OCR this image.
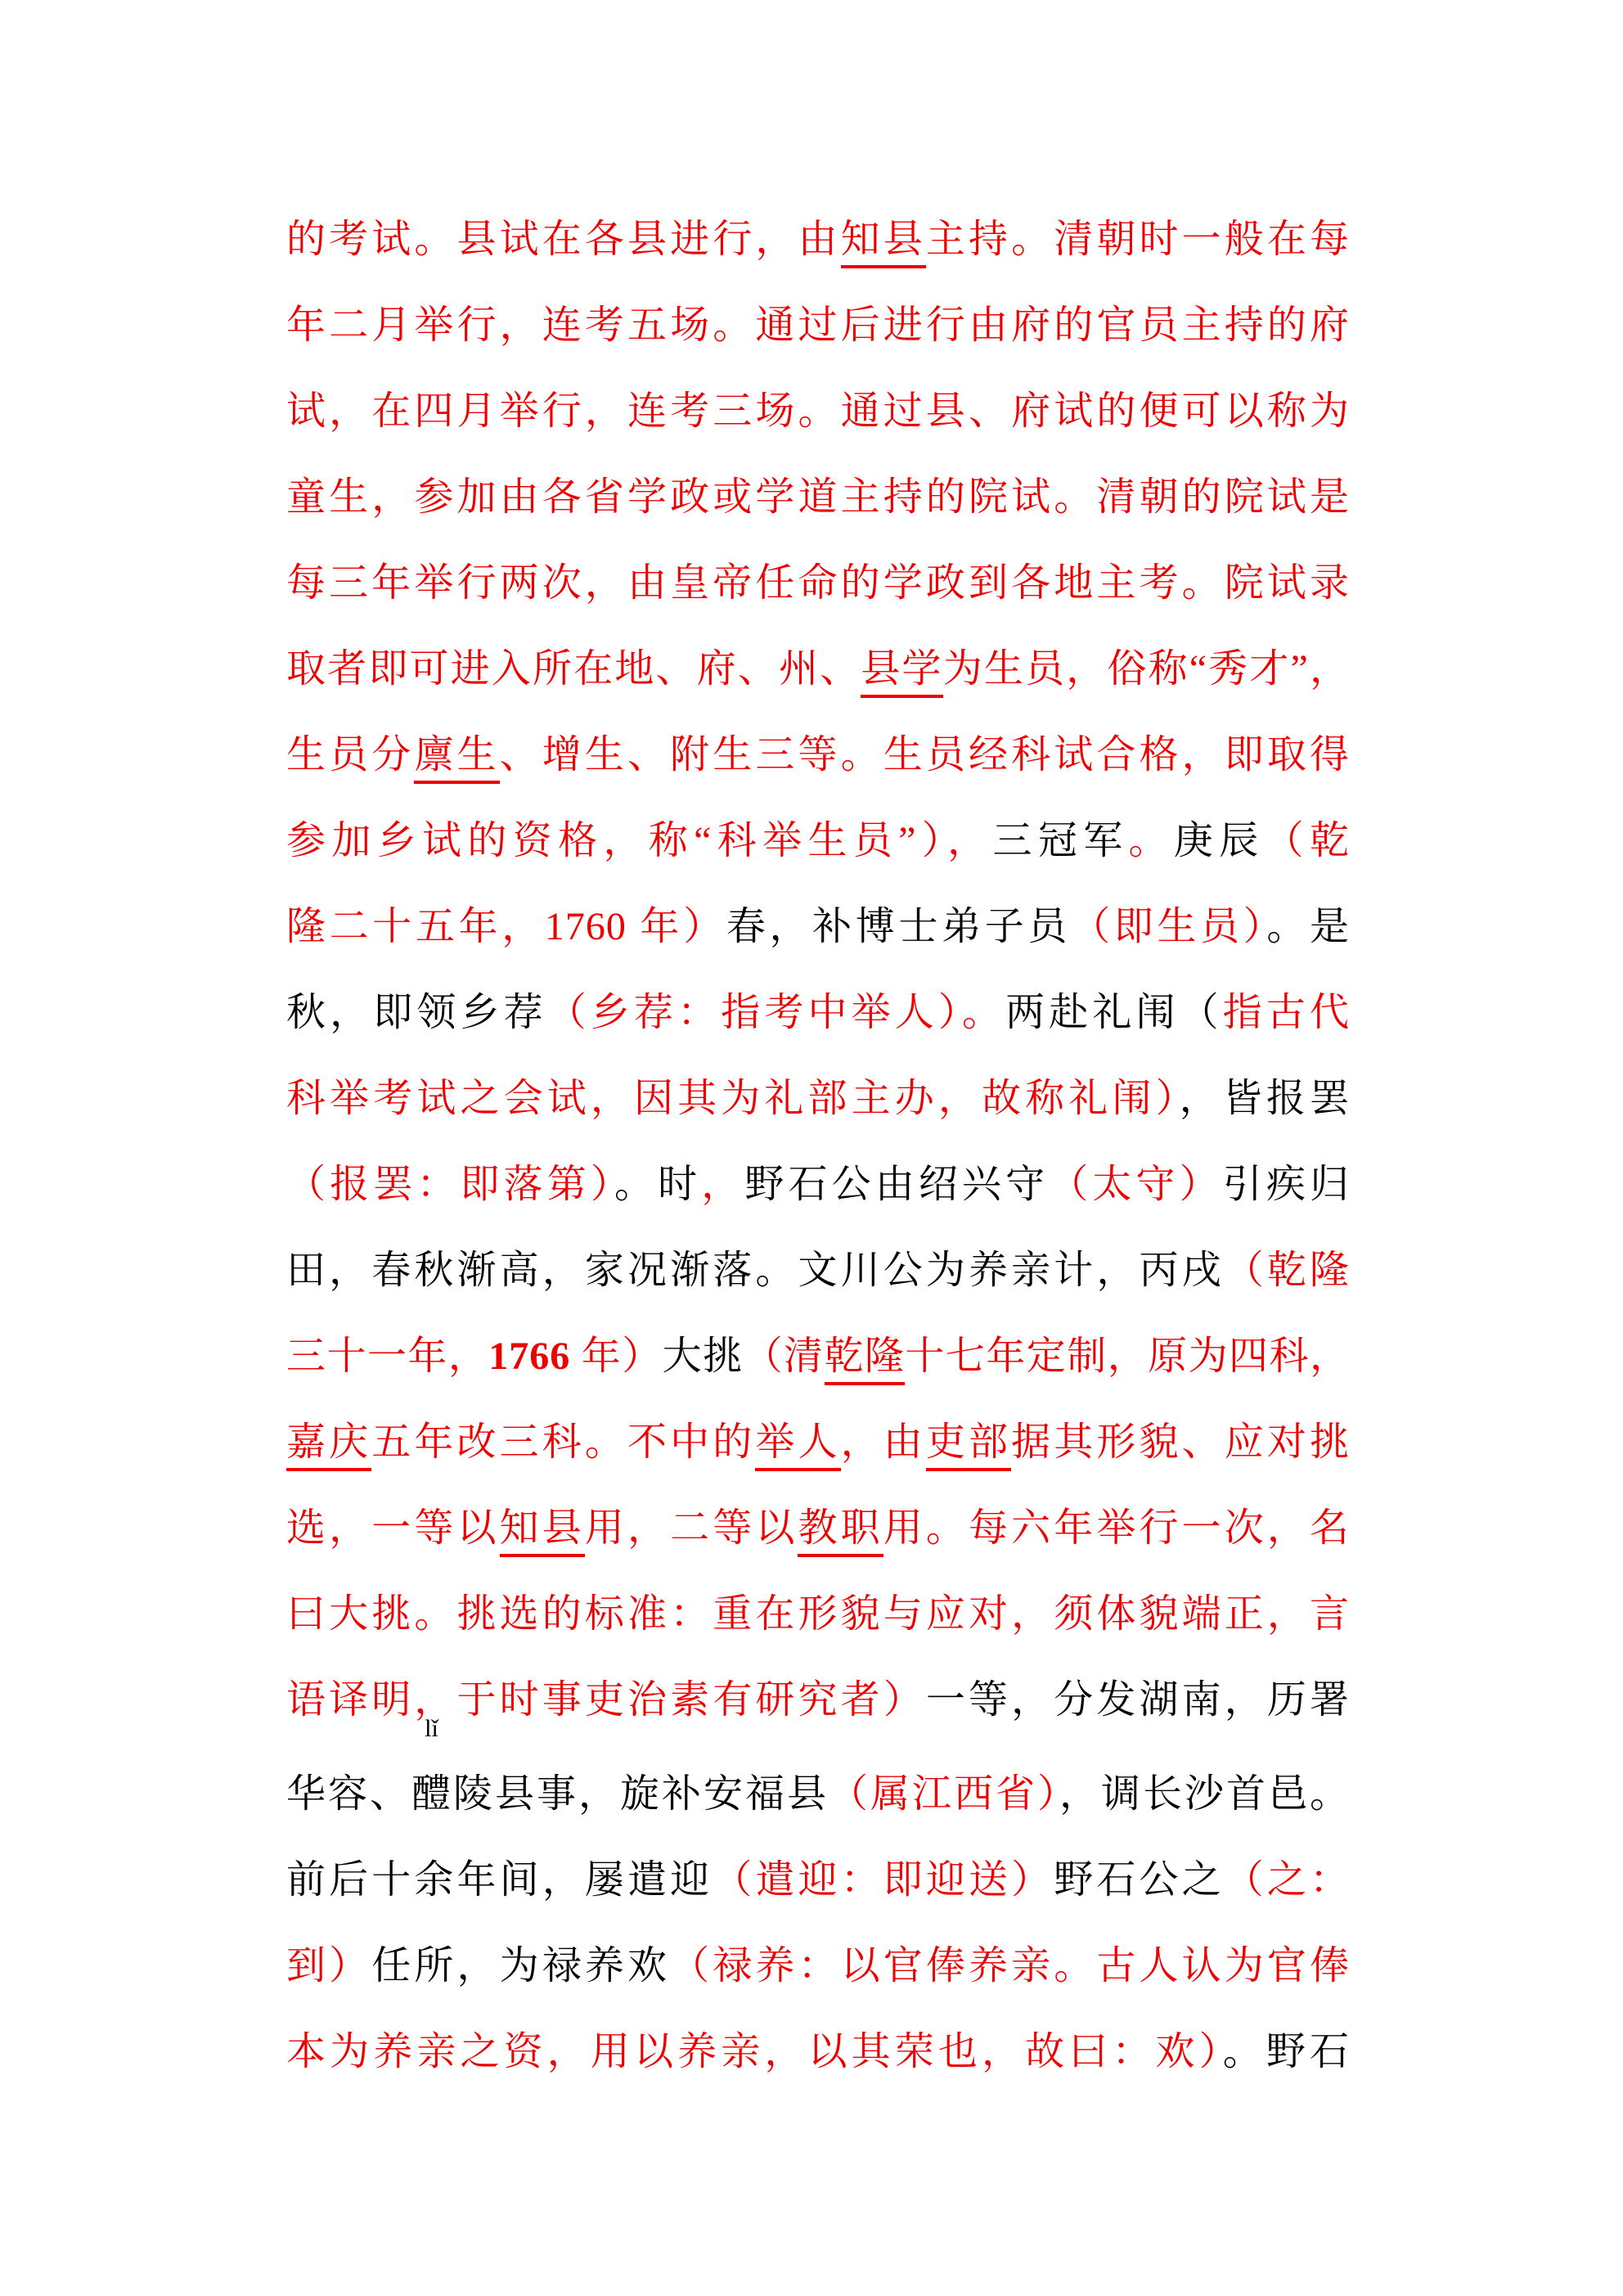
的考试。县试在各县进行，由知县主持。清朝时一般在每
年二月举行，连考五场。通过后进行由府的官员主持的府
试，在四月举行，连考三场。通过县、府试的便可以称为
童生，参加由各省学政或学道主持的院试。清朝的院试是
每三年举行两次，由皇帝任命的学政到各地主考。院试录
取者即可进入所在地、府、州、县学为生员，俗称“秀才”，
生员分廪生、增生、附生三等。生员经科试合格，即取得
参加乡试的资格，称“科举生员”），三冠军。庚辰（乾
隆二十五年，1760 年）春，补博士弟子员（即生员）。是
秋，即领乡荐（乡荐：指考中举人）。两赴礼闱（指古代
科举考试之会试，因其为礼部主办，故称礼闱），皆报罢
（报罢：即落第）。时，野石公由绍兴守（太守）引疾归
田，春秋渐高，家况渐落。文川公为养亲计，丙戌（乾隆
三十一年，1766 年）大挑（清乾隆十七年定制，原为四科，
嘉庆五年改三科。不中的举人，由吏部据其形貌、应对挑
选，一等以知县用，二等以教职用。每六年举行一次，名
曰大挑。挑选的标准：重在形貌与应对，须体貌端正，言
语译明，于时事吏治素有研究者）一等，分发湖南，历署
华容、
lǐ
醴陵县事，旋补安福县（属江西省），调长沙首邑。
前后十余年间，屡遣迎（遣迎：即迎送）野石公之（之：
到）任所，为禄养欢（禄养：以官俸养亲。古人认为官俸
本为养亲之资，用以养亲，以其荣也，故曰：欢）。野石
